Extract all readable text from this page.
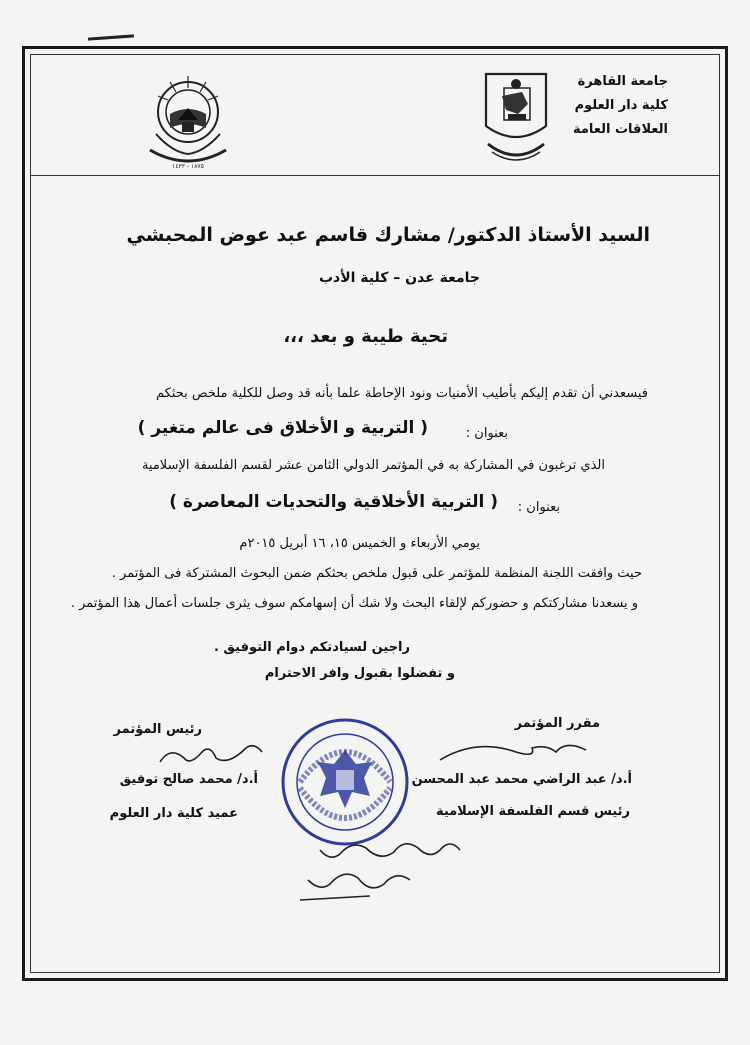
جامعة القاهرة
كلية دار العلوم
العلاقات العامة
١٨٧٥ - ١٤٣٣
السيد الأستاذ الدكتور/ مشارك قاسم عبد عوض المحبشي
جامعة عدن – كلية الأدب
تحية طيبة و بعد ،،،
فيسعدني أن تقدم إليكم بأطيب الأمنيات ونود الإحاطة علما بأنه قد وصل للكلية ملخص بحثكم
بعنوان :
( التربية و الأخلاق فى عالم متغير )
الذي ترغبون في المشاركة به في المؤتمر الدولي الثامن عشر لقسم الفلسفة الإسلامية
بعنوان :
( التربية الأخلاقية والتحديات المعاصرة )
يومي الأربعاء و الخميس ١٥، ١٦ أبريل ٢٠١٥م
حيث وافقت اللجنة المنظمة للمؤتمر على قبول ملخص بحثكم ضمن البحوث المشتركة فى المؤتمر .
و يسعدنا مشاركتكم و حضوركم لإلقاء البحث ولا شك أن إسهامكم سوف يثرى جلسات أعمال هذا المؤتمر .
راجين لسيادتكم دوام التوفيق .
و تفضلوا بقبول وافر الاحترام
مقرر المؤتمر
أ.د/ عبد الراضي محمد عبد المحسن
رئيس قسم الفلسفة الإسلامية
رئيس المؤتمر
أ.د/ محمد صالح توفيق
عميد كلية دار العلوم
